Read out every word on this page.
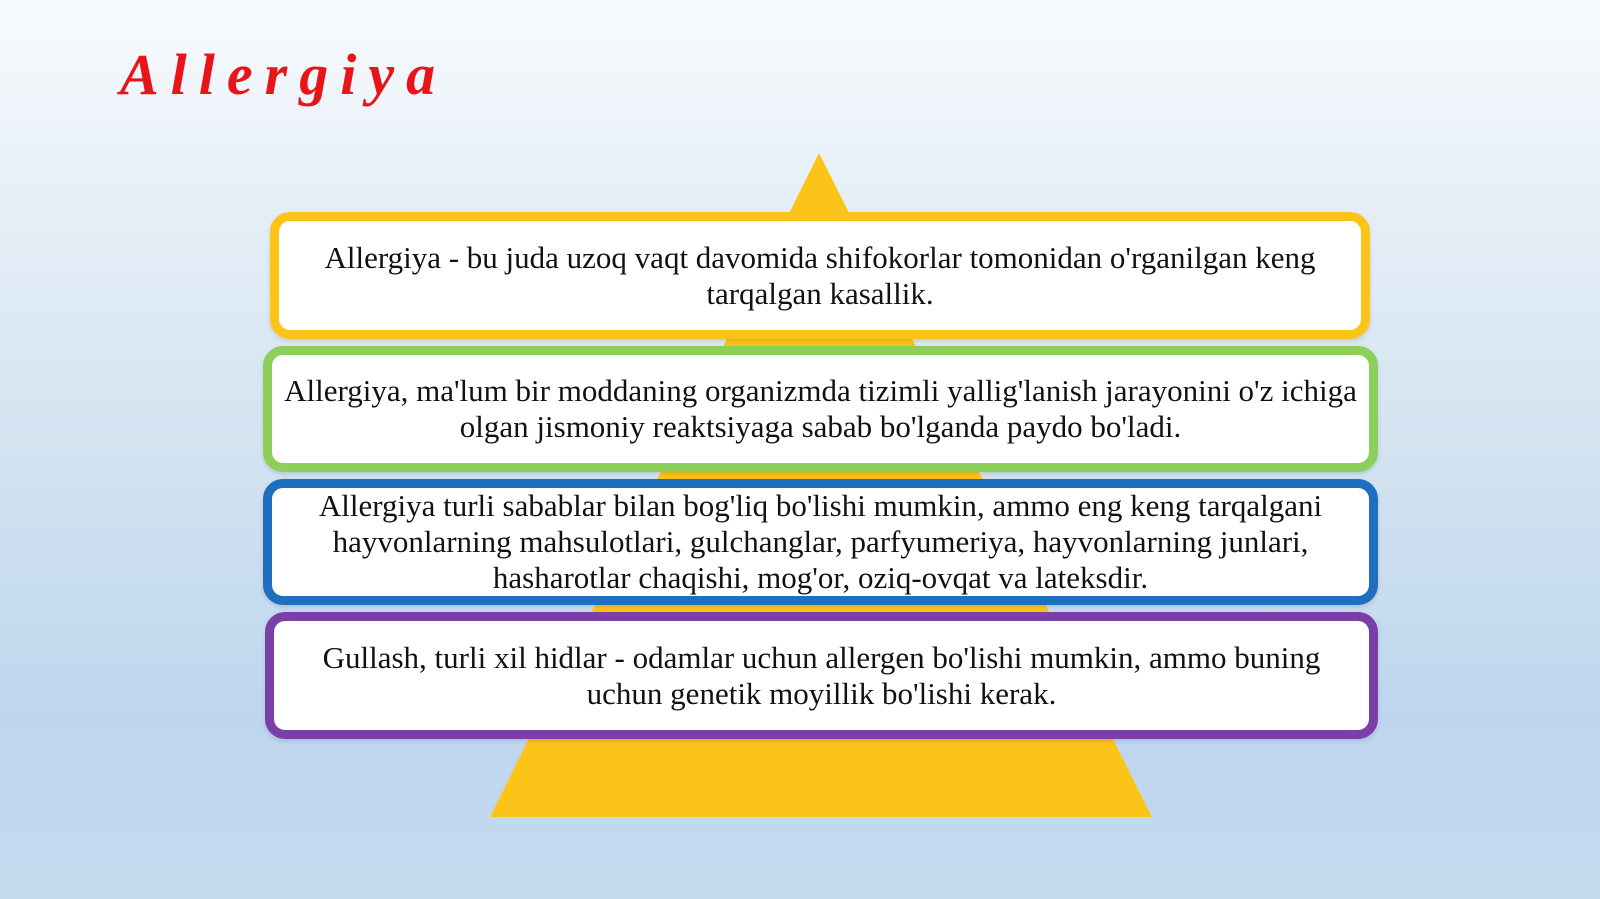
Allergiya

Allergiya - bu juda uzoq vaqt davomida shifokorlar tomonidan o'rganilgan keng tarqalgan kasallik.

Allergiya, ma'lum bir moddaning organizmda tizimli yallig'lanish jarayonini o'z ichiga olgan jismoniy reaktsiyaga sabab bo'lganda paydo bo'ladi.

Allergiya turli sabablar bilan bog'liq bo'lishi mumkin, ammo eng keng tarqalgani hayvonlarning mahsulotlari, gulchanglar, parfyumeriya, hayvonlarning junlari, hasharotlar chaqishi, mog'or, oziq-ovqat va lateksdir.

Gullash, turli xil hidlar - odamlar uchun allergen bo'lishi mumkin, ammo buning uchun genetik moyillik bo'lishi kerak.
